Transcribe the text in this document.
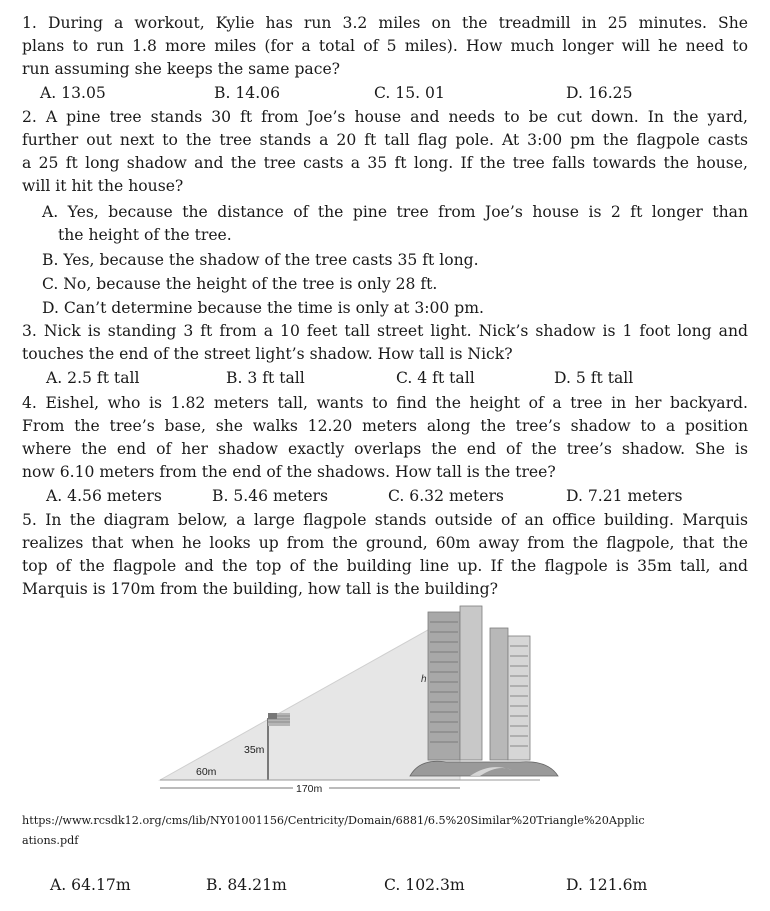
1. During a workout, Kylie has run 3.2 miles on the treadmill in 25 minutes. She
plans to run 1.8 more miles (for a total of 5 miles). How much longer will he need to
run assuming she keeps the same pace?
A. 13.05	B. 14.06	C. 15. 01	D. 16.25
2. A pine tree stands 30 ft from Joe’s house and needs to be cut down. In the yard,
further out next to the tree stands a 20 ft tall flag pole. At 3:00 pm the flagpole casts
a 25 ft long shadow and the tree casts a 35 ft long. If the tree falls towards the house,
will it hit the house?
A. Yes, because the distance of the pine tree from Joe’s house is 2 ft longer than
the height of the tree.
B. Yes, because the shadow of the tree casts 35 ft long.
C. No, because the height of the tree is only 28 ft.
D. Can’t determine because the time is only at 3:00 pm.
3. Nick is standing 3 ft from a 10 feet tall street light. Nick’s shadow is 1 foot long and
touches the end of the street light’s shadow. How tall is Nick?
A. 2.5 ft tall	B. 3 ft tall	C. 4 ft tall	D. 5 ft tall
4. Eishel, who is 1.82 meters tall, wants to find the height of a tree in her backyard.
From the tree’s base, she walks 12.20 meters along the tree’s shadow to a position
where the end of her shadow exactly overlaps the end of the tree’s shadow. She is
now 6.10 meters from the end of the shadows. How tall is the tree?
A. 4.56 meters	B. 5.46 meters	C. 6.32 meters	D. 7.21 meters
5. In the diagram below, a large flagpole stands outside of an office building. Marquis
realizes that when he looks up from the ground, 60m away from the flagpole, that the
top of the flagpole and the top of the building line up. If the flagpole is 35m tall, and
Marquis is 170m from the building, how tall is the building?
h
35m
60m
170m
https://www.rcsdk12.org/cms/lib/NY01001156/Centricity/Domain/6881/6.5%20Similar%20Triangle%20Applic
ations.pdf
A. 64.17m	B. 84.21m	C. 102.3m	D. 121.6m
